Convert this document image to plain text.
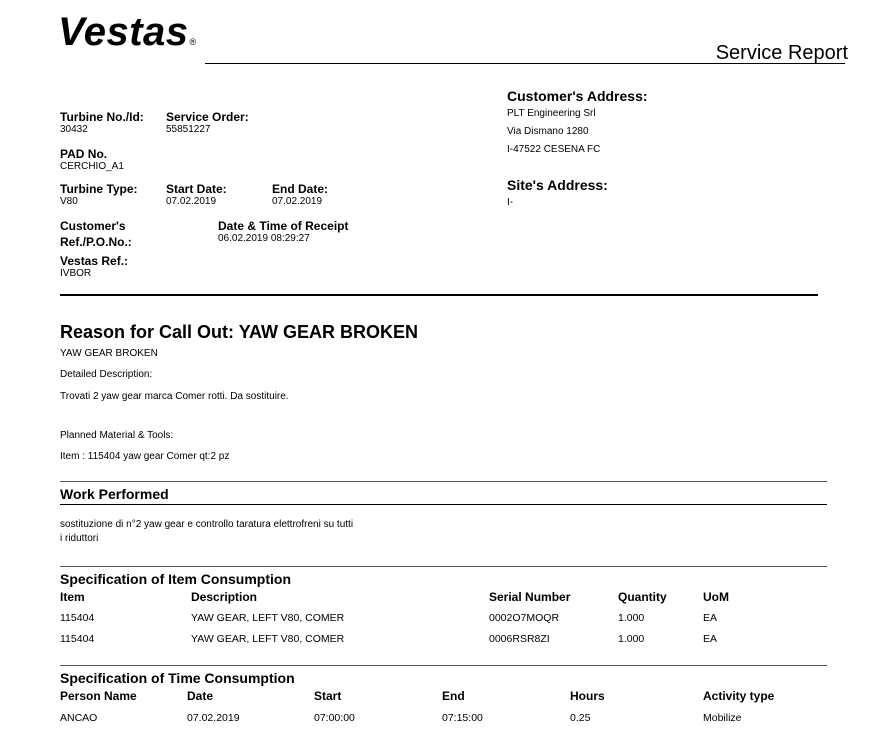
Vestas®	Service Report
Turbine No./Id:
30432
Service Order:
55851227
PAD No.
CERCHIO_A1
Turbine Type:
V80
Start Date:
07.02.2019
End Date:
07.02.2019
Customer's
Ref./P.O.No.:
Date & Time of Receipt
06.02.2019 08:29:27
Vestas Ref.:
IVBOR
Customer's Address:
PLT Engineering Srl
Via Dismano 1280
I-47522 CESENA FC
Site's Address:
I-
Reason for Call Out: YAW GEAR BROKEN
YAW GEAR BROKEN
Detailed Description:
Trovati 2 yaw gear marca Comer rotti. Da sostituire.
Planned Material & Tools:
Item : 115404 yaw gear Comer qt:2 pz
Work Performed
sostituzione di n°2 yaw gear e controllo taratura elettrofreni su tutti
i riduttori
Specification of Item Consumption
Item	Description	Serial Number	Quantity	UoM
115404	YAW GEAR, LEFT V80, COMER	0002O7MOQR	1.000	EA
115404	YAW GEAR, LEFT V80, COMER	0006RSR8ZI	1.000	EA
Specification of Time Consumption
Person Name	Date	Start	End	Hours	Activity type
ANCAO	07.02.2019	07:00:00	07:15:00	0.25	Mobilize
